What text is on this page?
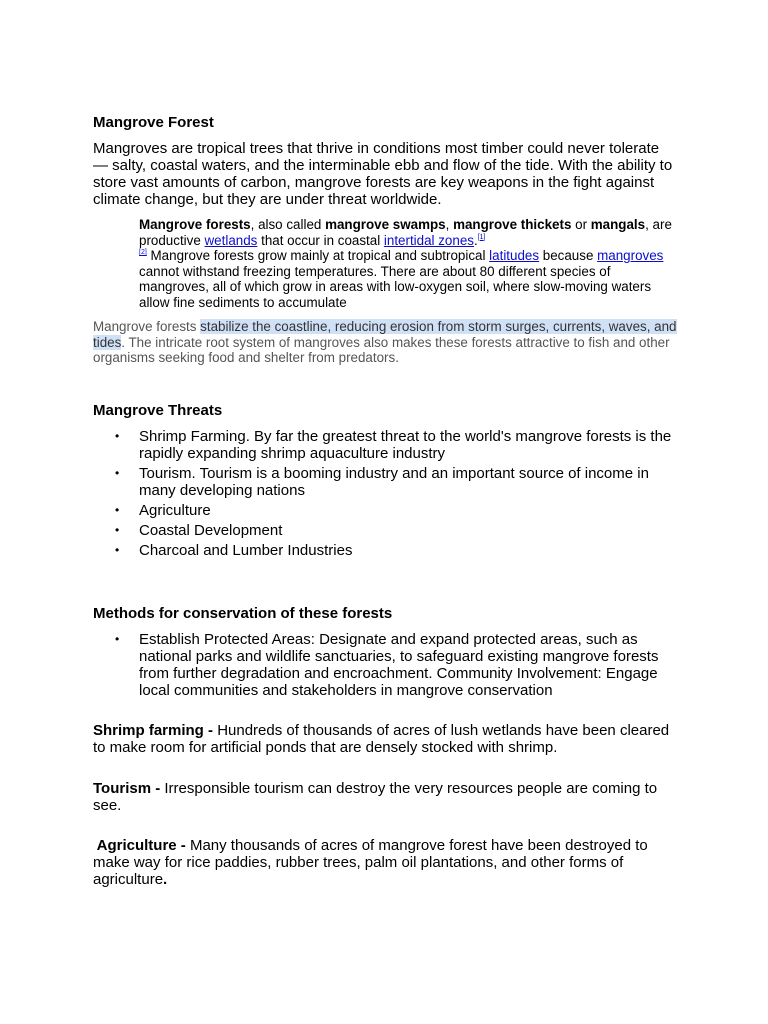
Mangrove Forest
Mangroves are tropical trees that thrive in conditions most timber could never tolerate — salty, coastal waters, and the interminable ebb and flow of the tide. With the ability to store vast amounts of carbon, mangrove forests are key weapons in the fight against climate change, but they are under threat worldwide.
Mangrove forests, also called mangrove swamps, mangrove thickets or mangals, are productive wetlands that occur in coastal intertidal zones.[1]
[2] Mangrove forests grow mainly at tropical and subtropical latitudes because mangroves cannot withstand freezing temperatures. There are about 80 different species of mangroves, all of which grow in areas with low-oxygen soil, where slow-moving waters allow fine sediments to accumulate
Mangrove forests stabilize the coastline, reducing erosion from storm surges, currents, waves, and tides. The intricate root system of mangroves also makes these forests attractive to fish and other organisms seeking food and shelter from predators.
Mangrove Threats
• Shrimp Farming. By far the greatest threat to the world's mangrove forests is the rapidly expanding shrimp aquaculture industry
• Tourism. Tourism is a booming industry and an important source of income in many developing nations
• Agriculture
• Coastal Development
• Charcoal and Lumber Industries
Methods for conservation of these forests
• Establish Protected Areas: Designate and expand protected areas, such as national parks and wildlife sanctuaries, to safeguard existing mangrove forests from further degradation and encroachment. Community Involvement: Engage local communities and stakeholders in mangrove conservation
Shrimp farming - Hundreds of thousands of acres of lush wetlands have been cleared to make room for artificial ponds that are densely stocked with shrimp.
Tourism - Irresponsible tourism can destroy the very resources people are coming to see.
Agriculture - Many thousands of acres of mangrove forest have been destroyed to make way for rice paddies, rubber trees, palm oil plantations, and other forms of agriculture.
